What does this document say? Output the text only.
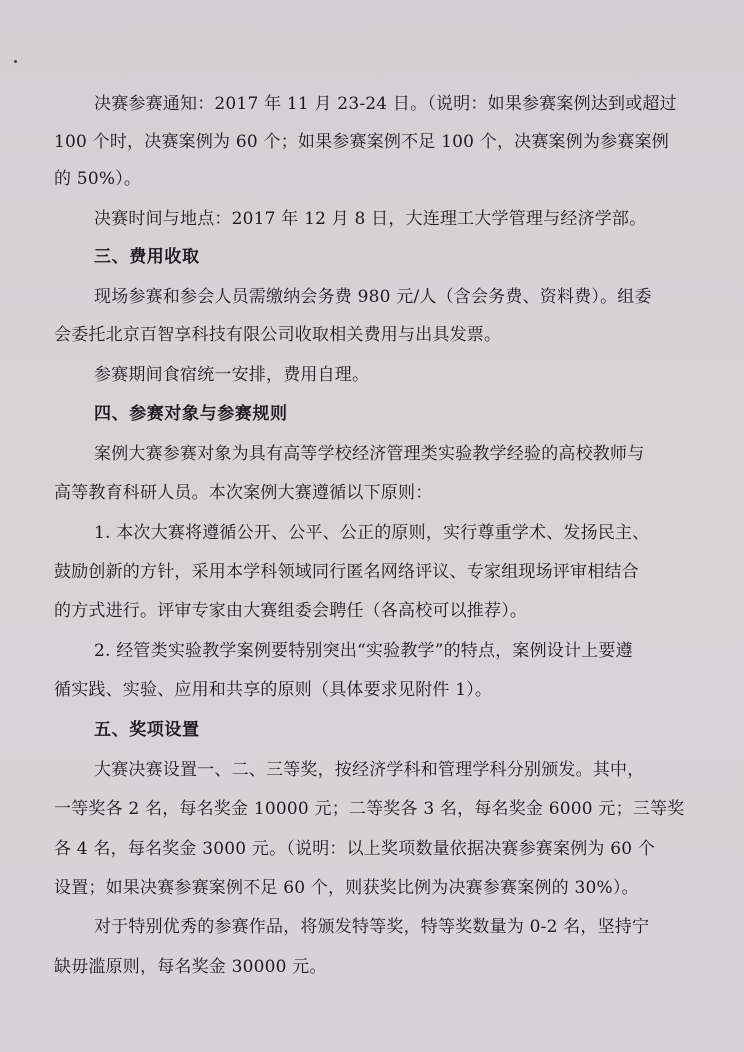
决赛参赛通知：2017 年 11 月 23-24 日。（说明：如果参赛案例达到或超过
100 个时，决赛案例为 60 个；如果参赛案例不足 100 个，决赛案例为参赛案例
的 50%）。
决赛时间与地点：2017 年 12 月 8 日，大连理工大学管理与经济学部。
三、费用收取
现场参赛和参会人员需缴纳会务费 980 元/人（含会务费、资料费）。组委
会委托北京百智享科技有限公司收取相关费用与出具发票。
参赛期间食宿统一安排，费用自理。
四、参赛对象与参赛规则
案例大赛参赛对象为具有高等学校经济管理类实验教学经验的高校教师与
高等教育科研人员。本次案例大赛遵循以下原则：
1. 本次大赛将遵循公开、公平、公正的原则，实行尊重学术、发扬民主、
鼓励创新的方针，采用本学科领域同行匿名网络评议、专家组现场评审相结合
的方式进行。评审专家由大赛组委会聘任（各高校可以推荐）。
2. 经管类实验教学案例要特别突出“实验教学”的特点，案例设计上要遵
循实践、实验、应用和共享的原则（具体要求见附件 1）。
五、奖项设置
大赛决赛设置一、二、三等奖，按经济学科和管理学科分别颁发。其中，
一等奖各 2 名，每名奖金 10000 元；二等奖各 3 名，每名奖金 6000 元；三等奖
各 4 名，每名奖金 3000 元。（说明：以上奖项数量依据决赛参赛案例为 60 个
设置；如果决赛参赛案例不足 60 个，则获奖比例为决赛参赛案例的 30%）。
对于特别优秀的参赛作品，将颁发特等奖，特等奖数量为 0-2 名，坚持宁
缺毋滥原则，每名奖金 30000 元。
